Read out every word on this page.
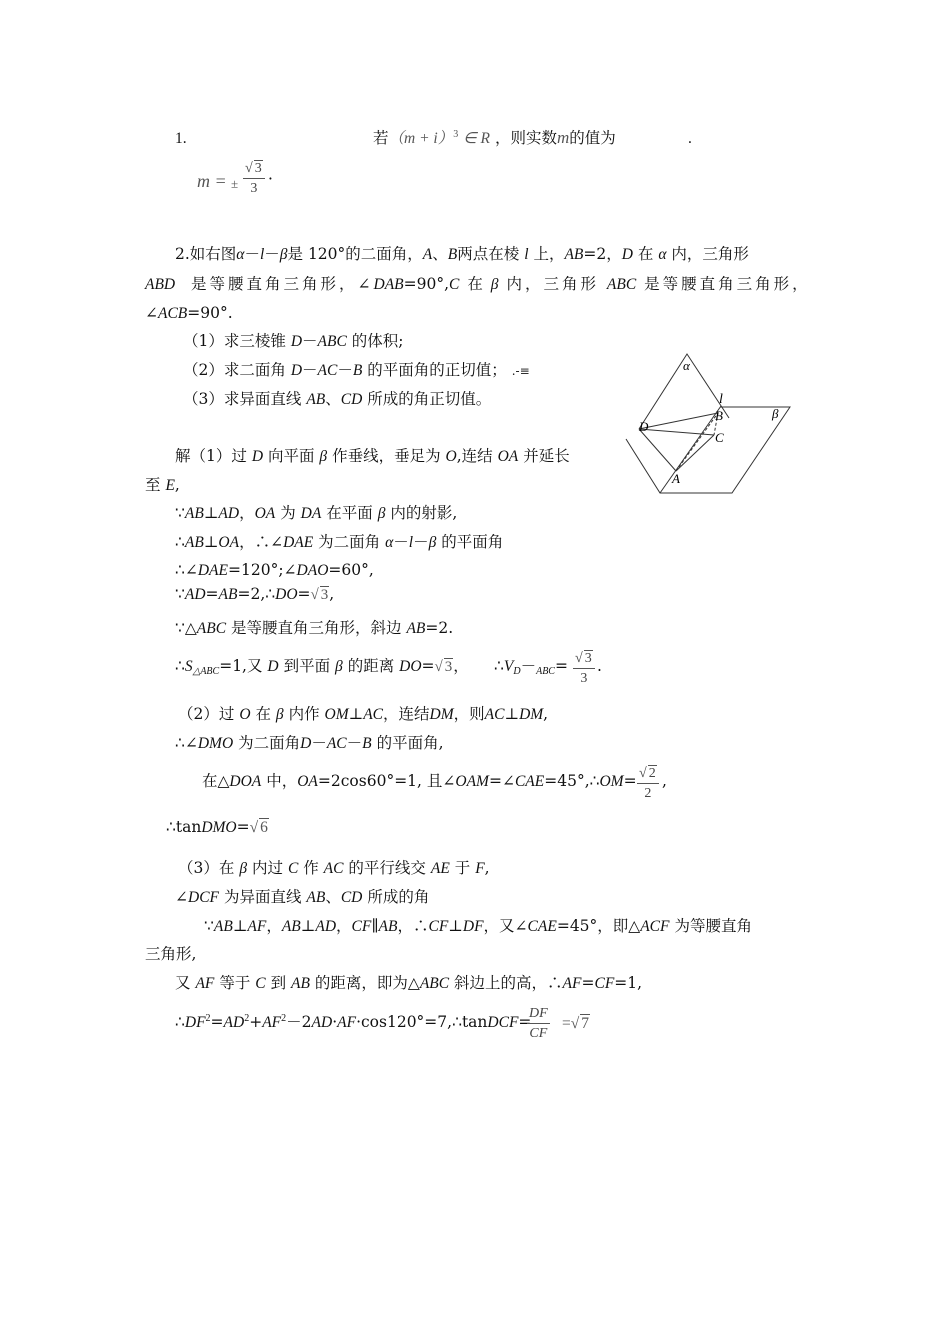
1.	若$(m + i)^3$ ∈ R ，则实数m的值为	.
m = ± $\frac{√ 3}{3}$ ·
2.如右图α－l－β是 120°的二面角，A、B两点在棱 l 上，AB=2，D 在 α 内，三角形
ABD 是等腰直角三角形，∠DAB=90°,C 在 β 内，三角形 ABC 是等腰直角三角形，
∠ACB=90°.
（1）求三棱锥 D－ABC 的体积;
（2）求二面角 D－AC－B 的平面角的正切值； .-≡
（3）求异面直线 AB、CD 所成的角正切值。
α
l
β
B
D
C
A
解（1）过 D 向平面 β 作垂线，垂足为 O,连结 OA 并延长
至 E,
∵AB⊥AD，OA 为 DA 在平面 β 内的射影,
∴AB⊥OA，∴∠DAE 为二面角 α－l－β 的平面角
∴∠DAE=120°;∠DAO=60°,
∵AD=AB=2,∴DO=√ 3,
∵△ABC 是等腰直角三角形，斜边 AB=2.
$\therefore S_{\triangle ABC}=1$,又 D 到平面 β 的距离 DO=√ 3， $\therefore V_D-_{ABC}= \frac{√ 3}{3}$ .
（2）过 O 在 β 内作 OM⊥AC，连结DM，则AC⊥DM,
∴∠DMO 为二面角D－AC－B 的平面角,
在△DOA 中，OA=2cos60°=1, 且∠OAM=∠CAE=45°,∴OM= $\frac{√ 2}{2}$ ,
∴tanDMO=√ 6
（3）在 β 内过 C 作 AC 的平行线交 AE 于 F,
∠DCF 为异面直线 AB、CD 所成的角
∵AB⊥AF，AB⊥AD，CF∥AB，∴CF⊥DF，又∠CAE=45°，即△ACF 为等腰直角
三角形,
又 AF 等于 C 到 AB 的距离，即为△ABC 斜边上的高，∴AF=CF=1,
$\therefore DF^2=AD^2+AF^2-2AD\cdot AF\cdot\cos 120^\circ=7,\therefore tanDCF=$
$\frac{DF}{CF}$ =√ 7
